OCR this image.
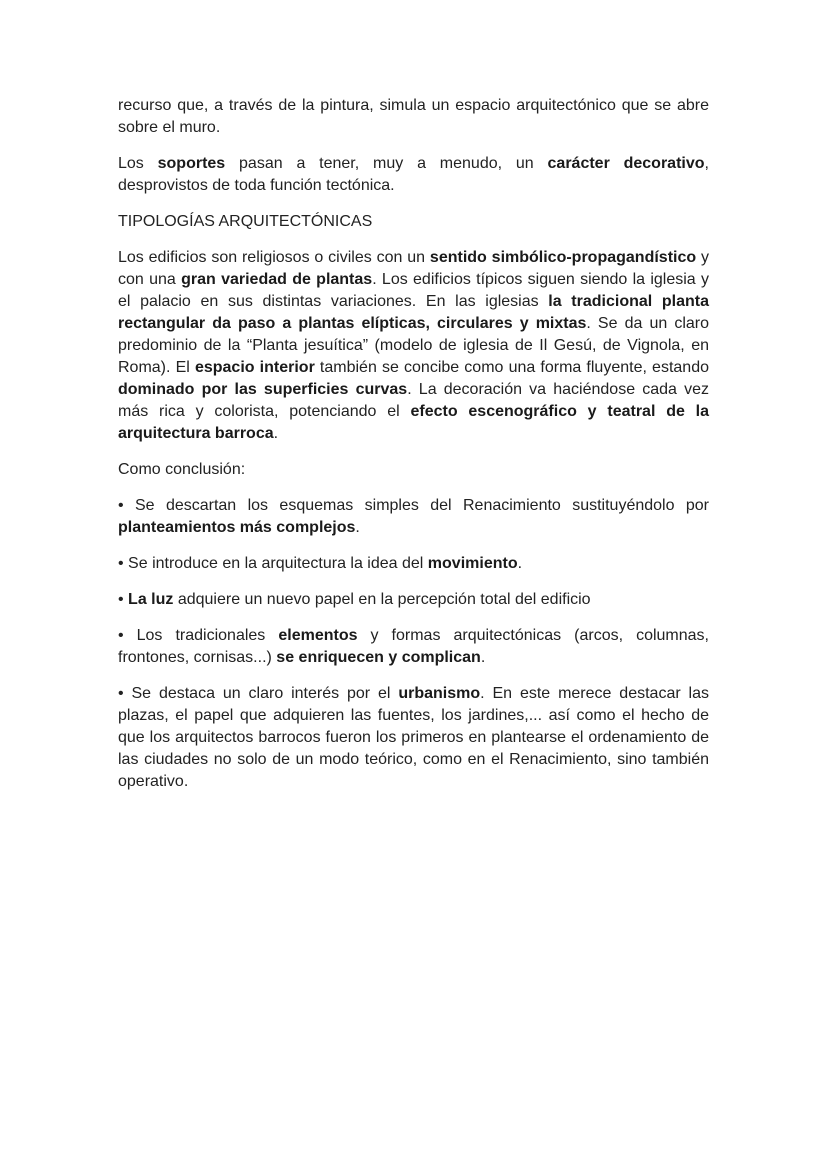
recurso que, a través de la pintura, simula un espacio arquitectónico que se abre sobre el muro.

Los soportes pasan a tener, muy a menudo, un carácter decorativo, desprovistos de toda función tectónica.

TIPOLOGÍAS ARQUITECTÓNICAS

Los edificios son religiosos o civiles con un sentido simbólico-propagandístico y con una gran variedad de plantas. Los edificios típicos siguen siendo la iglesia y el palacio en sus distintas variaciones. En las iglesias la tradicional planta rectangular da paso a plantas elípticas, circulares y mixtas. Se da un claro predominio de la “Planta jesuítica” (modelo de iglesia de Il Gesú, de Vignola, en Roma). El espacio interior también se concibe como una forma fluyente, estando dominado por las superficies curvas. La decoración va haciéndose cada vez más rica y colorista, potenciando el efecto escenográfico y teatral de la arquitectura barroca.

Como conclusión:

• Se descartan los esquemas simples del Renacimiento sustituyéndolo por planteamientos más complejos.

• Se introduce en la arquitectura la idea del movimiento.

• La luz adquiere un nuevo papel en la percepción total del edificio

• Los tradicionales elementos y formas arquitectónicas (arcos, columnas, frontones, cornisas...) se enriquecen y complican.

• Se destaca un claro interés por el urbanismo. En este merece destacar las plazas, el papel que adquieren las fuentes, los jardines,... así como el hecho de que los arquitectos barrocos fueron los primeros en plantearse el ordenamiento de las ciudades no solo de un modo teórico, como en el Renacimiento, sino también operativo.
